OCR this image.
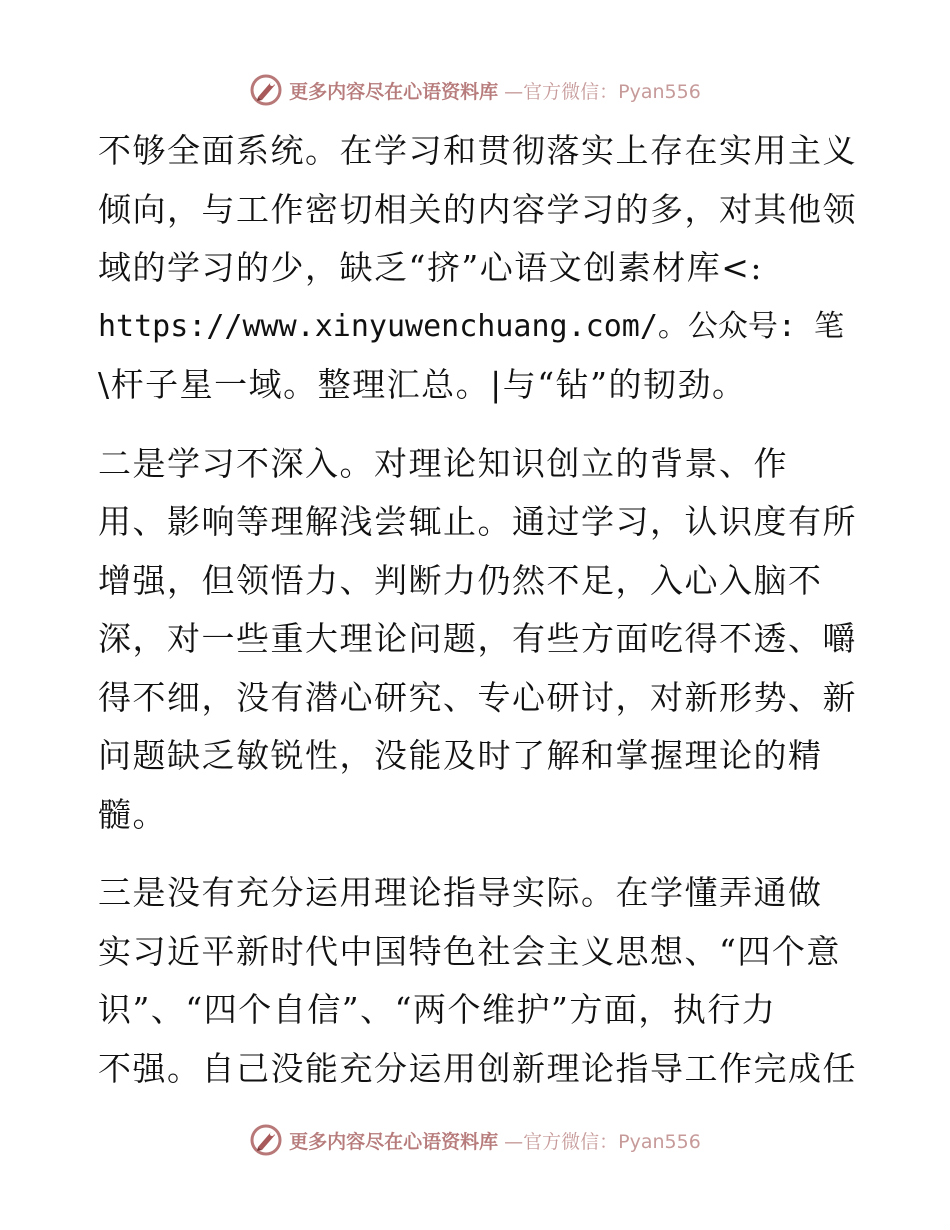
更多内容尽在心语资料库 —官方微信：Pyan556
不够全面系统。在学习和贯彻落实上存在实用主义
倾向，与工作密切相关的内容学习的多，对其他领
域的学习的少，缺乏“挤”心语文创素材库<:
https://www.xinyuwenchuang.com/。公众号: 笔
\杆子星一域。整理汇总。|与“钻”的韧劲。
二是学习不深入。对理论知识创立的背景、作
用、影响等理解浅尝辄止。通过学习，认识度有所
增强，但领悟力、判断力仍然不足，入心入脑不
深，对一些重大理论问题，有些方面吃得不透、嚼
得不细，没有潜心研究、专心研讨，对新形势、新
问题缺乏敏锐性，没能及时了解和掌握理论的精
髓。
三是没有充分运用理论指导实际。在学懂弄通做
实习近平新时代中国特色社会主义思想、“四个意
识”、“四个自信”、“两个维护”方面，执行力
不强。自己没能充分运用创新理论指导工作完成任
更多内容尽在心语资料库 —官方微信：Pyan556
